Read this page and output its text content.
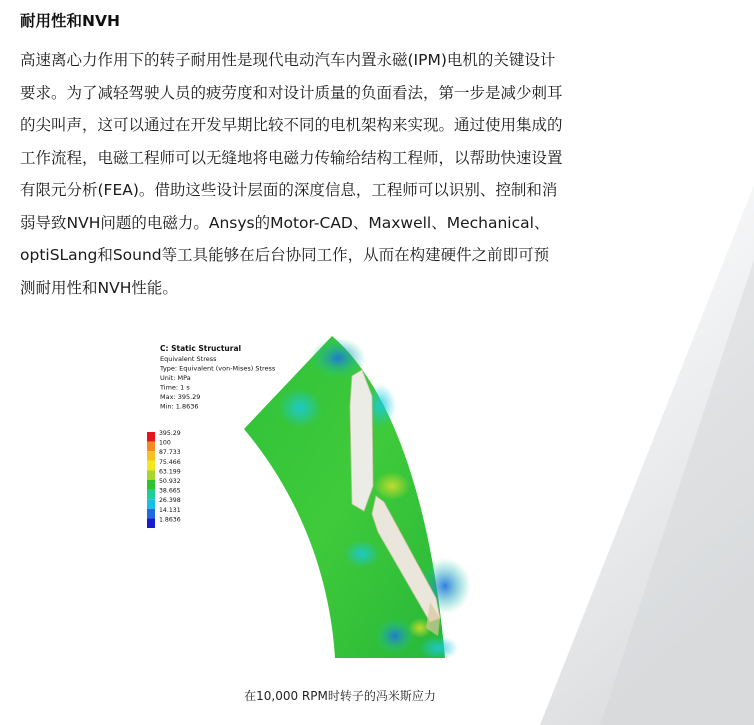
耐用性和NVH

高速离心力作用下的转子耐用性是现代电动汽车内置永磁(IPM)电机的关键设计
要求。为了减轻驾驶人员的疲劳度和对设计质量的负面看法，第一步是减少刺耳
的尖叫声，这可以通过在开发早期比较不同的电机架构来实现。通过使用集成的
工作流程，电磁工程师可以无缝地将电磁力传输给结构工程师，以帮助快速设置
有限元分析(FEA)。借助这些设计层面的深度信息，工程师可以识别、控制和消
弱导致NVH问题的电磁力。Ansys的Motor-CAD、Maxwell、Mechanical、
optiSLang和Sound等工具能够在后台协同工作，从而在构建硬件之前即可预
测耐用性和NVH性能。

C: Static Structural
Equivalent Stress
Type: Equivalent (von-Mises) Stress
Unit: MPa
Time: 1 s
Max: 395.29
Min: 1.8636
395.29
100
87.733
75.466
63.199
50.932
38.665
26.398
14.131
1.8636
在10,000 RPM时转子的冯米斯应力
